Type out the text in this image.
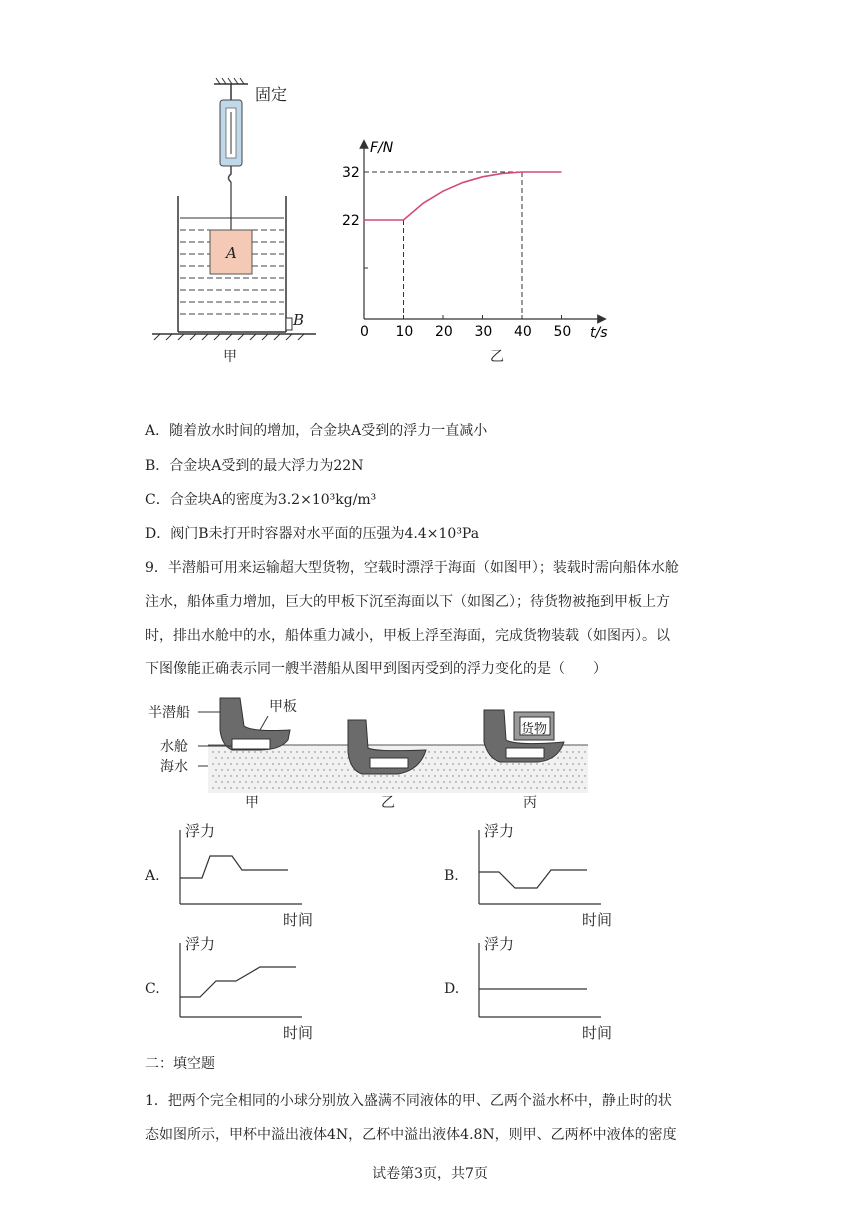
固定
A
B
甲
0 10 20 30 40 50
22
32
F/N
t/s
乙
A．随着放水时间的增加，合金块A受到的浮力一直减小
B．合金块A受到的最大浮力为22N
C．合金块A的密度为3.2×10³kg/m³
D．阀门B未打开时容器对水平面的压强为4.4×10³Pa
9．半潜船可用来运输超大型货物，空载时漂浮于海面（如图甲）；装载时需向船体水舱
注水，船体重力增加，巨大的甲板下沉至海面以下（如图乙）；待货物被拖到甲板上方
时，排出水舱中的水，船体重力减小，甲板上浮至海面，完成货物装载（如图丙）。以
下图像能正确表示同一艘半潜船从图甲到图丙受到的浮力变化的是（　　）
半潜船	甲板
水舱
海水
货物
甲	乙	丙
A.	B.
C.	D.
浮力
时间
浮力
时间
浮力
时间
浮力
时间
二：填空题
1．把两个完全相同的小球分别放入盛满不同液体的甲、乙两个溢水杯中，静止时的状
态如图所示，甲杯中溢出液体4N，乙杯中溢出液体4.8N，则甲、乙两杯中液体的密度
试卷第3页，共7页
